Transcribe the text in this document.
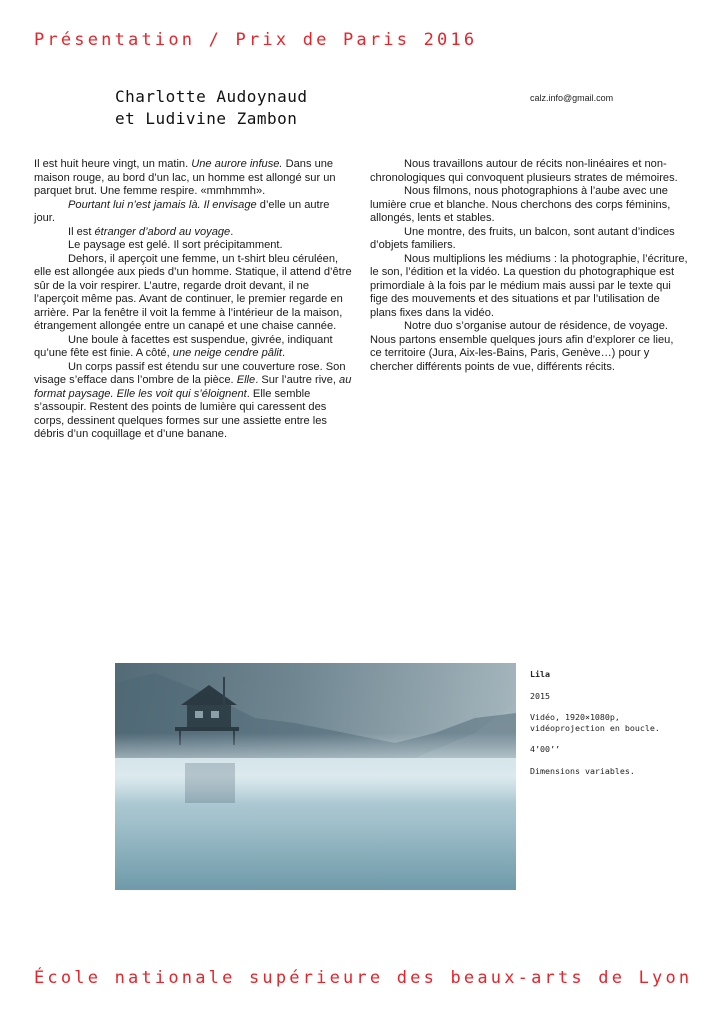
Présentation / Prix de Paris 2016
Charlotte Audoynaud
et Ludivine Zambon
calz.info@gmail.com

Il est huit heure vingt, un matin. Une aurore infuse. Dans une maison rouge, au bord d’un lac, un homme est allongé sur un parquet brut. Une femme respire. «mmhmmh».

Pourtant lui n’est jamais là. Il envisage d’elle un autre jour.

Il est étranger d’abord au voyage.

Le paysage est gelé. Il sort précipitamment.

Dehors, il aperçoit une femme, un t-shirt bleu céruléen, elle est allongée aux pieds d’un homme. Statique, il attend d’être sûr de la voir respirer. L’autre, regarde droit devant, il ne l’aperçoit même pas. Avant de continuer, le premier regarde en arrière. Par la fenêtre il voit la femme à l’intérieur de la maison, étrangement allongée entre un canapé et une chaise cannée.

Une boule à facettes est suspendue, givrée, indiquant qu’une fête est finie. A côté, une neige cendre pâlit.

Un corps passif est étendu sur une couverture rose. Son visage s’efface dans l’ombre de la pièce. Elle. Sur l’autre rive, au format paysage. Elle les voit qui s’éloignent. Elle semble s’assoupir. Restent des points de lumière qui caressent des corps, dessinent quelques formes sur une assiette entre les débris d’un coquillage et d’une banane.

Nous travaillons autour de récits non-linéaires et non-chronologiques qui convoquent plusieurs strates de mémoires.

Nous filmons, nous photographions à l’aube avec une lumière crue et blanche. Nous cherchons des corps féminins, allongés, lents et stables.

Une montre, des fruits, un balcon, sont autant d’indices d’objets familiers.

Nous multiplions les médiums : la photographie, l’écriture, le son, l’édition et la vidéo. La question du photographique est primordiale à la fois par le médium mais aussi par le texte qui fige des mouvements et des situations et par l’utilisation de plans fixes dans la vidéo.

Notre duo s’organise autour de résidence, de voyage. Nous partons ensemble quelques jours afin d’explorer ce lieu, ce territoire (Jura, Aix-les-Bains, Paris, Genève…) pour y chercher différents points de vue, différents récits.

Lila
2015
Vidéo, 1920×1080p,
vidéoprojection en boucle.
4’00’’
Dimensions variables.
École nationale supérieure des beaux-arts de Lyon
